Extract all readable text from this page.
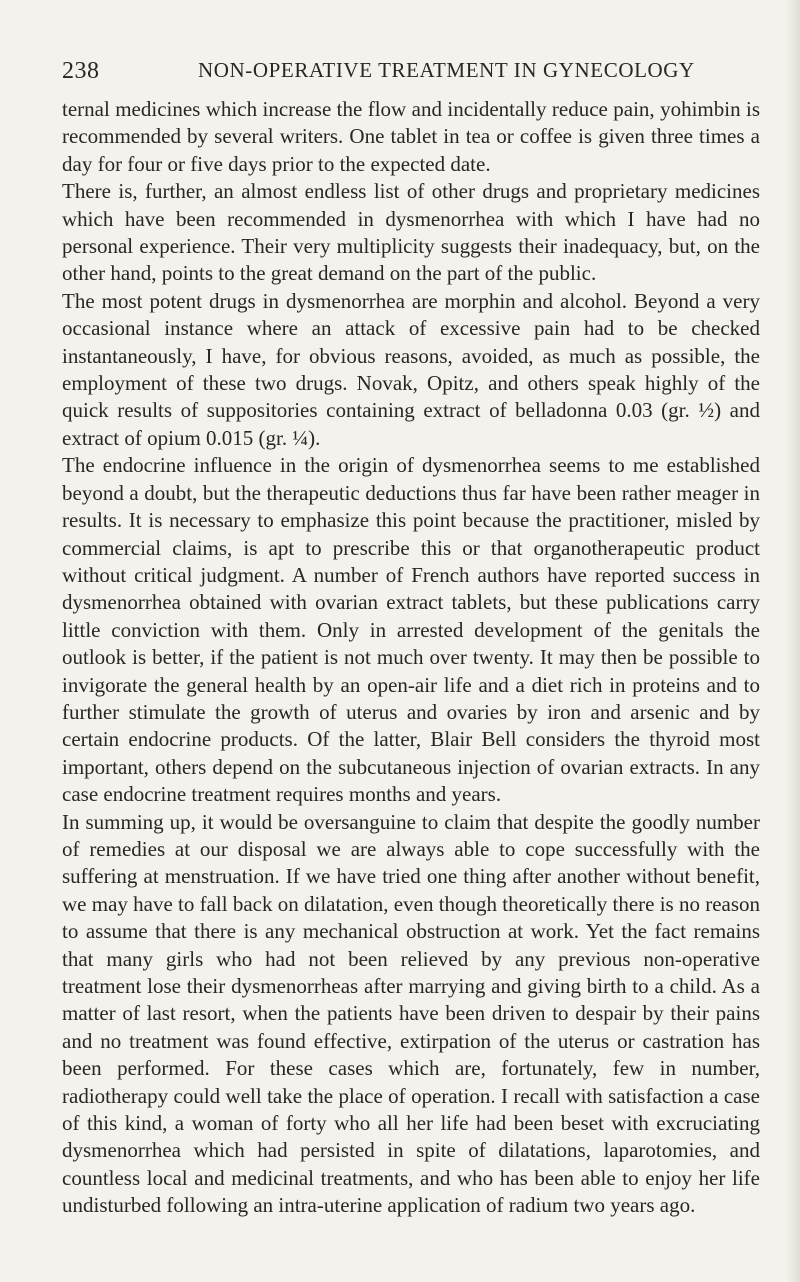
238	NON-OPERATIVE TREATMENT IN GYNECOLOGY

ternal medicines which increase the flow and incidentally reduce pain, yohimbin is recommended by several writers. One tablet in tea or coffee is given three times a day for four or five days prior to the expected date.

There is, further, an almost endless list of other drugs and proprietary medicines which have been recommended in dysmenorrhea with which I have had no personal experience. Their very multiplicity suggests their inadequacy, but, on the other hand, points to the great demand on the part of the public.

The most potent drugs in dysmenorrhea are morphin and alcohol. Beyond a very occasional instance where an attack of excessive pain had to be checked instantaneously, I have, for obvious reasons, avoided, as much as possible, the employment of these two drugs. Novak, Opitz, and others speak highly of the quick results of suppositories containing extract of belladonna 0.03 (gr. ½) and extract of opium 0.015 (gr. ¼).

The endocrine influence in the origin of dysmenorrhea seems to me established beyond a doubt, but the therapeutic deductions thus far have been rather meager in results. It is necessary to emphasize this point because the practitioner, misled by commercial claims, is apt to prescribe this or that organotherapeutic product without critical judgment. A number of French authors have reported success in dysmenorrhea obtained with ovarian extract tablets, but these publications carry little conviction with them. Only in arrested development of the genitals the outlook is better, if the patient is not much over twenty. It may then be possible to invigorate the general health by an open-air life and a diet rich in proteins and to further stimulate the growth of uterus and ovaries by iron and arsenic and by certain endocrine products. Of the latter, Blair Bell considers the thyroid most important, others depend on the subcutaneous injection of ovarian extracts. In any case endocrine treatment requires months and years.

In summing up, it would be oversanguine to claim that despite the goodly number of remedies at our disposal we are always able to cope successfully with the suffering at menstruation. If we have tried one thing after another without benefit, we may have to fall back on dilatation, even though theoretically there is no reason to assume that there is any mechanical obstruction at work. Yet the fact remains that many girls who had not been relieved by any previous non-operative treatment lose their dysmenorrheas after marrying and giving birth to a child. As a matter of last resort, when the patients have been driven to despair by their pains and no treatment was found effective, extirpation of the uterus or castration has been performed. For these cases which are, fortunately, few in number, radiotherapy could well take the place of operation. I recall with satisfaction a case of this kind, a woman of forty who all her life had been beset with excruciating dysmenorrhea which had persisted in spite of dilatations, laparotomies, and countless local and medicinal treatments, and who has been able to enjoy her life undisturbed following an intra-uterine application of radium two years ago.
